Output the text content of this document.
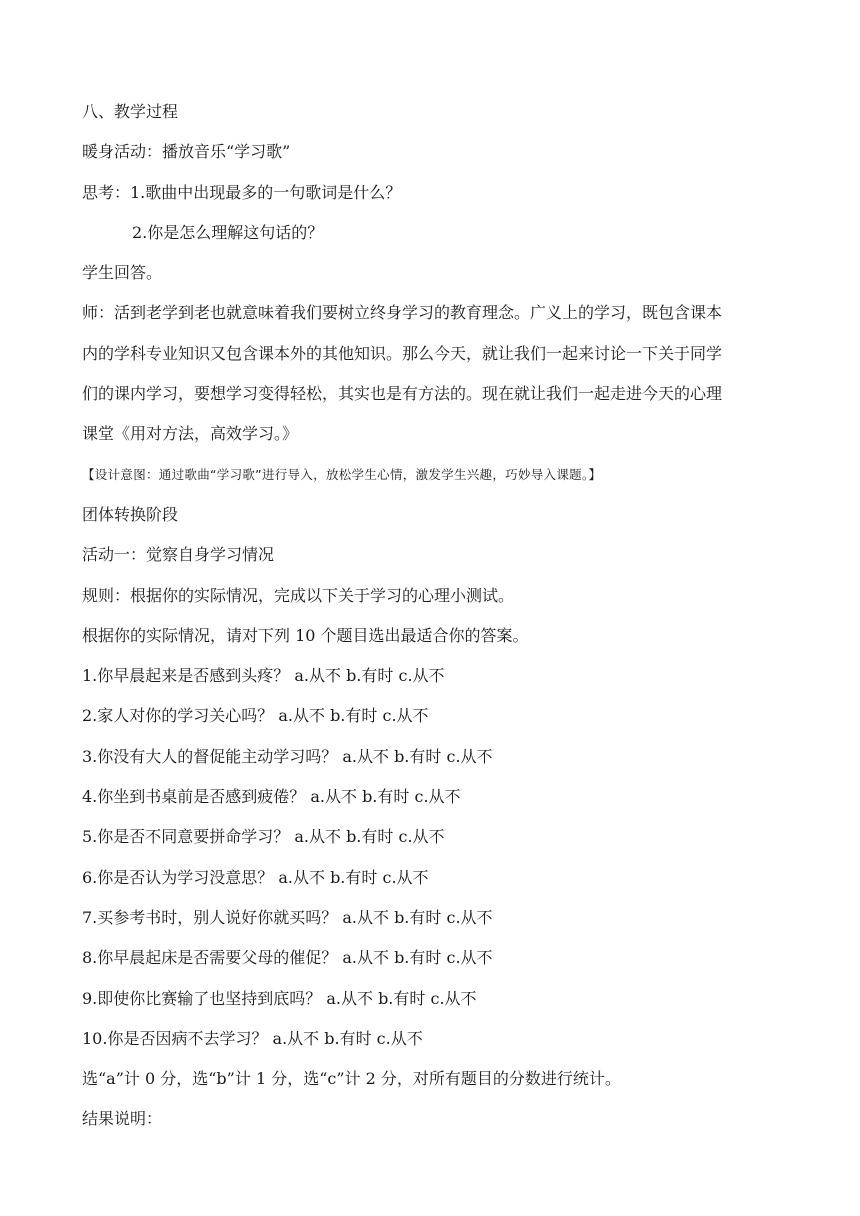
八、教学过程
暖身活动：播放音乐“学习歌”
思考：1.歌曲中出现最多的一句歌词是什么？
2.你是怎么理解这句话的？
学生回答。
师：活到老学到老也就意味着我们要树立终身学习的教育理念。广义上的学习，既包含课本
内的学科专业知识又包含课本外的其他知识。那么今天，就让我们一起来讨论一下关于同学
们的课内学习，要想学习变得轻松，其实也是有方法的。现在就让我们一起走进今天的心理
课堂《用对方法，高效学习。》
【设计意图：通过歌曲“学习歌”进行导入，放松学生心情，激发学生兴趣，巧妙导入课题。】
团体转换阶段
活动一：觉察自身学习情况
规则：根据你的实际情况，完成以下关于学习的心理小测试。
根据你的实际情况，请对下列 10 个题目选出最适合你的答案。
1.你早晨起来是否感到头疼？ a.从不 b.有时 c.从不
2.家人对你的学习关心吗？ a.从不 b.有时 c.从不
3.你没有大人的督促能主动学习吗？ a.从不 b.有时 c.从不
4.你坐到书桌前是否感到疲倦？ a.从不 b.有时 c.从不
5.你是否不同意要拼命学习？ a.从不 b.有时 c.从不
6.你是否认为学习没意思？ a.从不 b.有时 c.从不
7.买参考书时，别人说好你就买吗？ a.从不 b.有时 c.从不
8.你早晨起床是否需要父母的催促？ a.从不 b.有时 c.从不
9.即使你比赛输了也坚持到底吗？ a.从不 b.有时 c.从不
10.你是否因病不去学习？ a.从不 b.有时 c.从不
选“a”计 0 分，选“b”计 1 分，选“c”计 2 分，对所有题目的分数进行统计。
结果说明：
